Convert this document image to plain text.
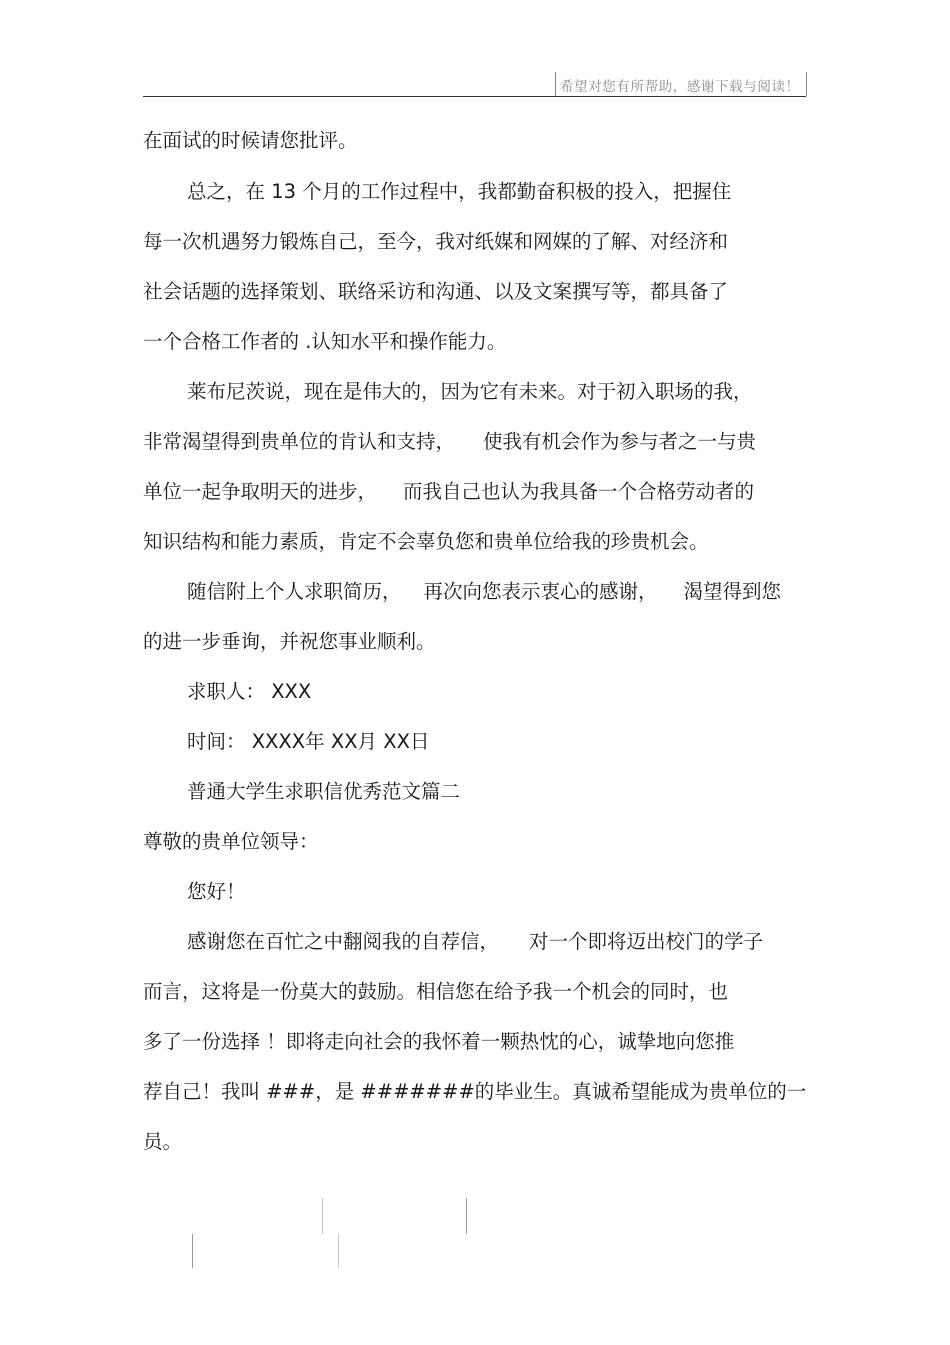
希望对您有所帮助，感谢下载与阅读！
在面试的时候请您批评。
总之，在 13 个月的工作过程中，我都勤奋积极的投入，把握住
每一次机遇努力锻炼自己，至今，我对纸媒和网媒的了解、对经济和
社会话题的选择策划、联络采访和沟通、以及文案撰写等，都具备了
一个合格工作者的 .认知水平和操作能力。
莱布尼茨说，现在是伟大的，因为它有未来。对于初入职场的我，
非常渴望得到贵单位的肯认和支持， 使我有机会作为参与者之一与贵
单位一起争取明天的进步， 而我自己也认为我具备一个合格劳动者的
知识结构和能力素质，肯定不会辜负您和贵单位给我的珍贵机会。
随信附上个人求职简历， 再次向您表示衷心的感谢， 渴望得到您
的进一步垂询，并祝您事业顺利。
求职人： XXX
时间： XXXX年 XX月 XX日
普通大学生求职信优秀范文篇二
尊敬的贵单位领导：
您好！
感谢您在百忙之中翻阅我的自荐信， 对一个即将迈出校门的学子
而言，这将是一份莫大的鼓励。相信您在给予我一个机会的同时，也
多了一份选择 ！即将走向社会的我怀着一颗热忱的心，诚挚地向您推
荐自己！我叫 ###，是 #######的毕业生。真诚希望能成为贵单位的一
员。
